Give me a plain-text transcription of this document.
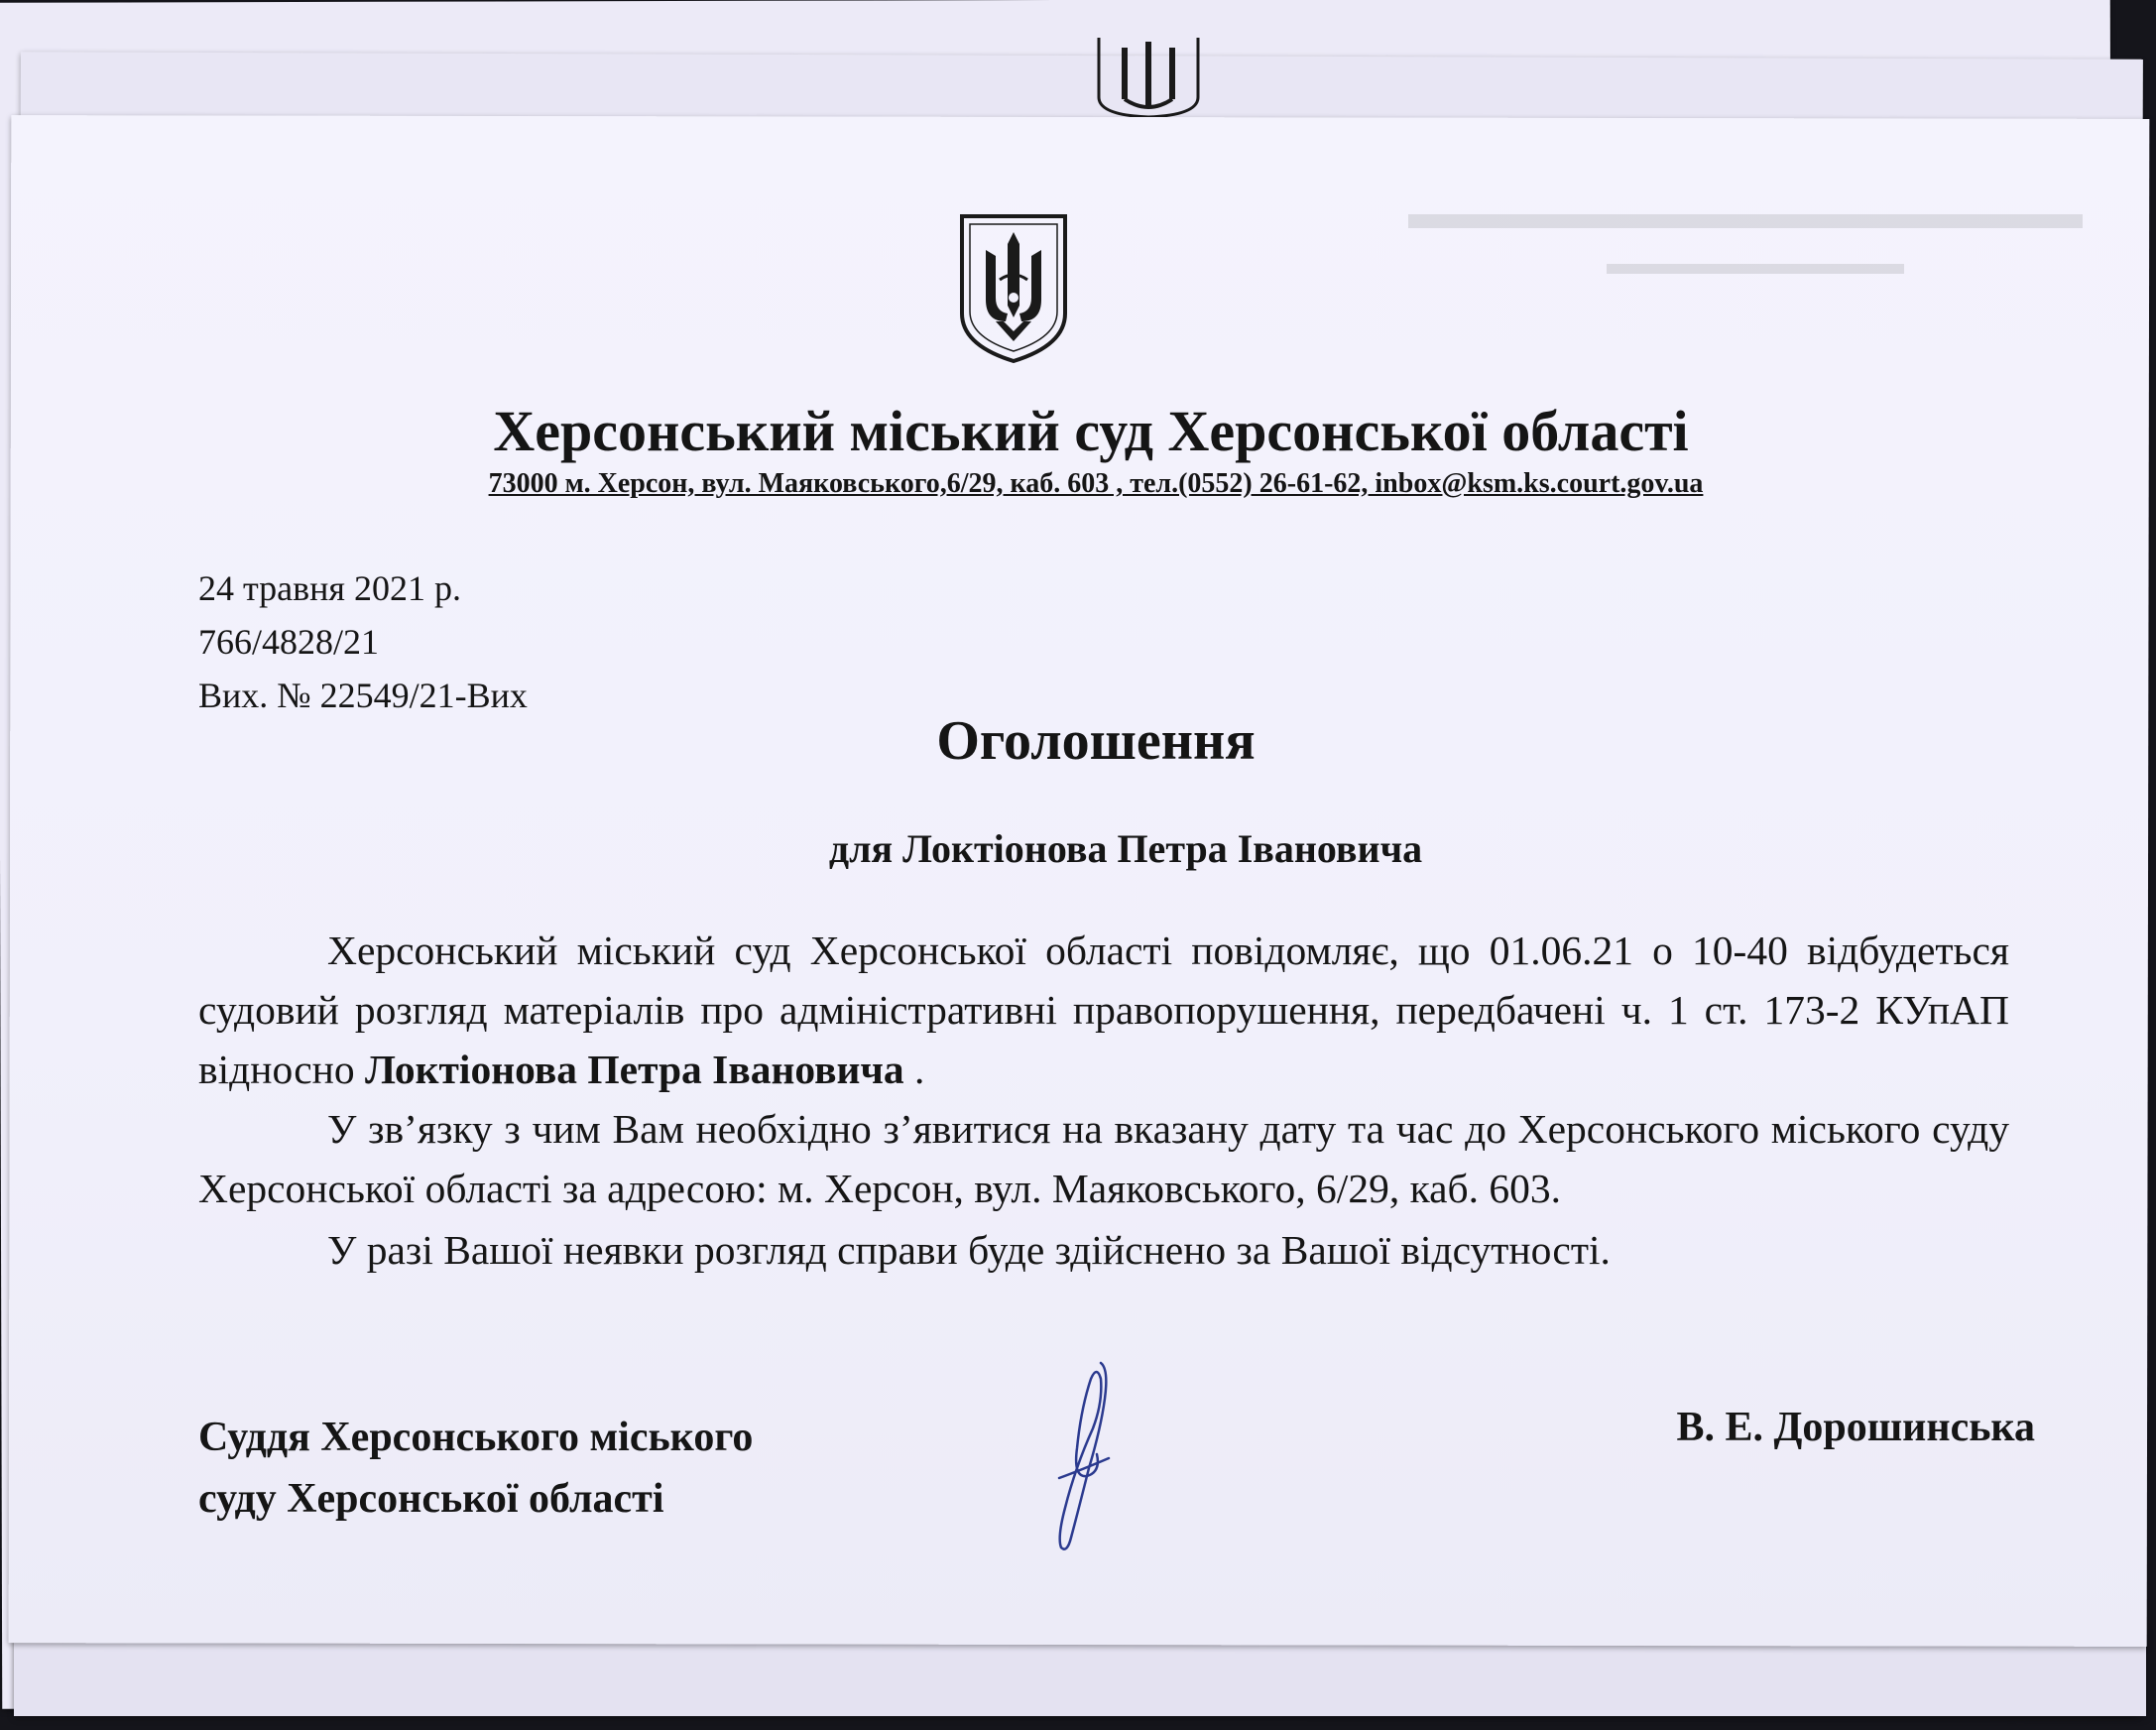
Херсонський міський суд Херсонської області
73000 м. Херсон, вул. Маяковського,6/29, каб. 603 , тел.(0552) 26-61-62, inbox@ksm.ks.court.gov.ua
24 травня 2021 р.
766/4828/21
Вих. № 22549/21-Вих
Оголошення
для Локтіонова Петра Івановича

Херсонський міський суд Херсонської області повідомляє, що 01.06.21 о 10-40 відбудеться судовий розгляд матеріалів про адміністративні правопорушення, передбачені ч. 1 ст. 173-2 КУпАП відносно Локтіонова Петра Івановича .

У зв’язку з чим Вам необхідно з’явитися на вказану дату та час до Херсонського міського суду Херсонської області за адресою: м. Херсон, вул. Маяковського, 6/29, каб. 603.

У разі Вашої неявки розгляд справи буде здійснено за Вашої відсутності.

Суддя Херсонського міського
суду Херсонської області
В. Е. Дорошинська
